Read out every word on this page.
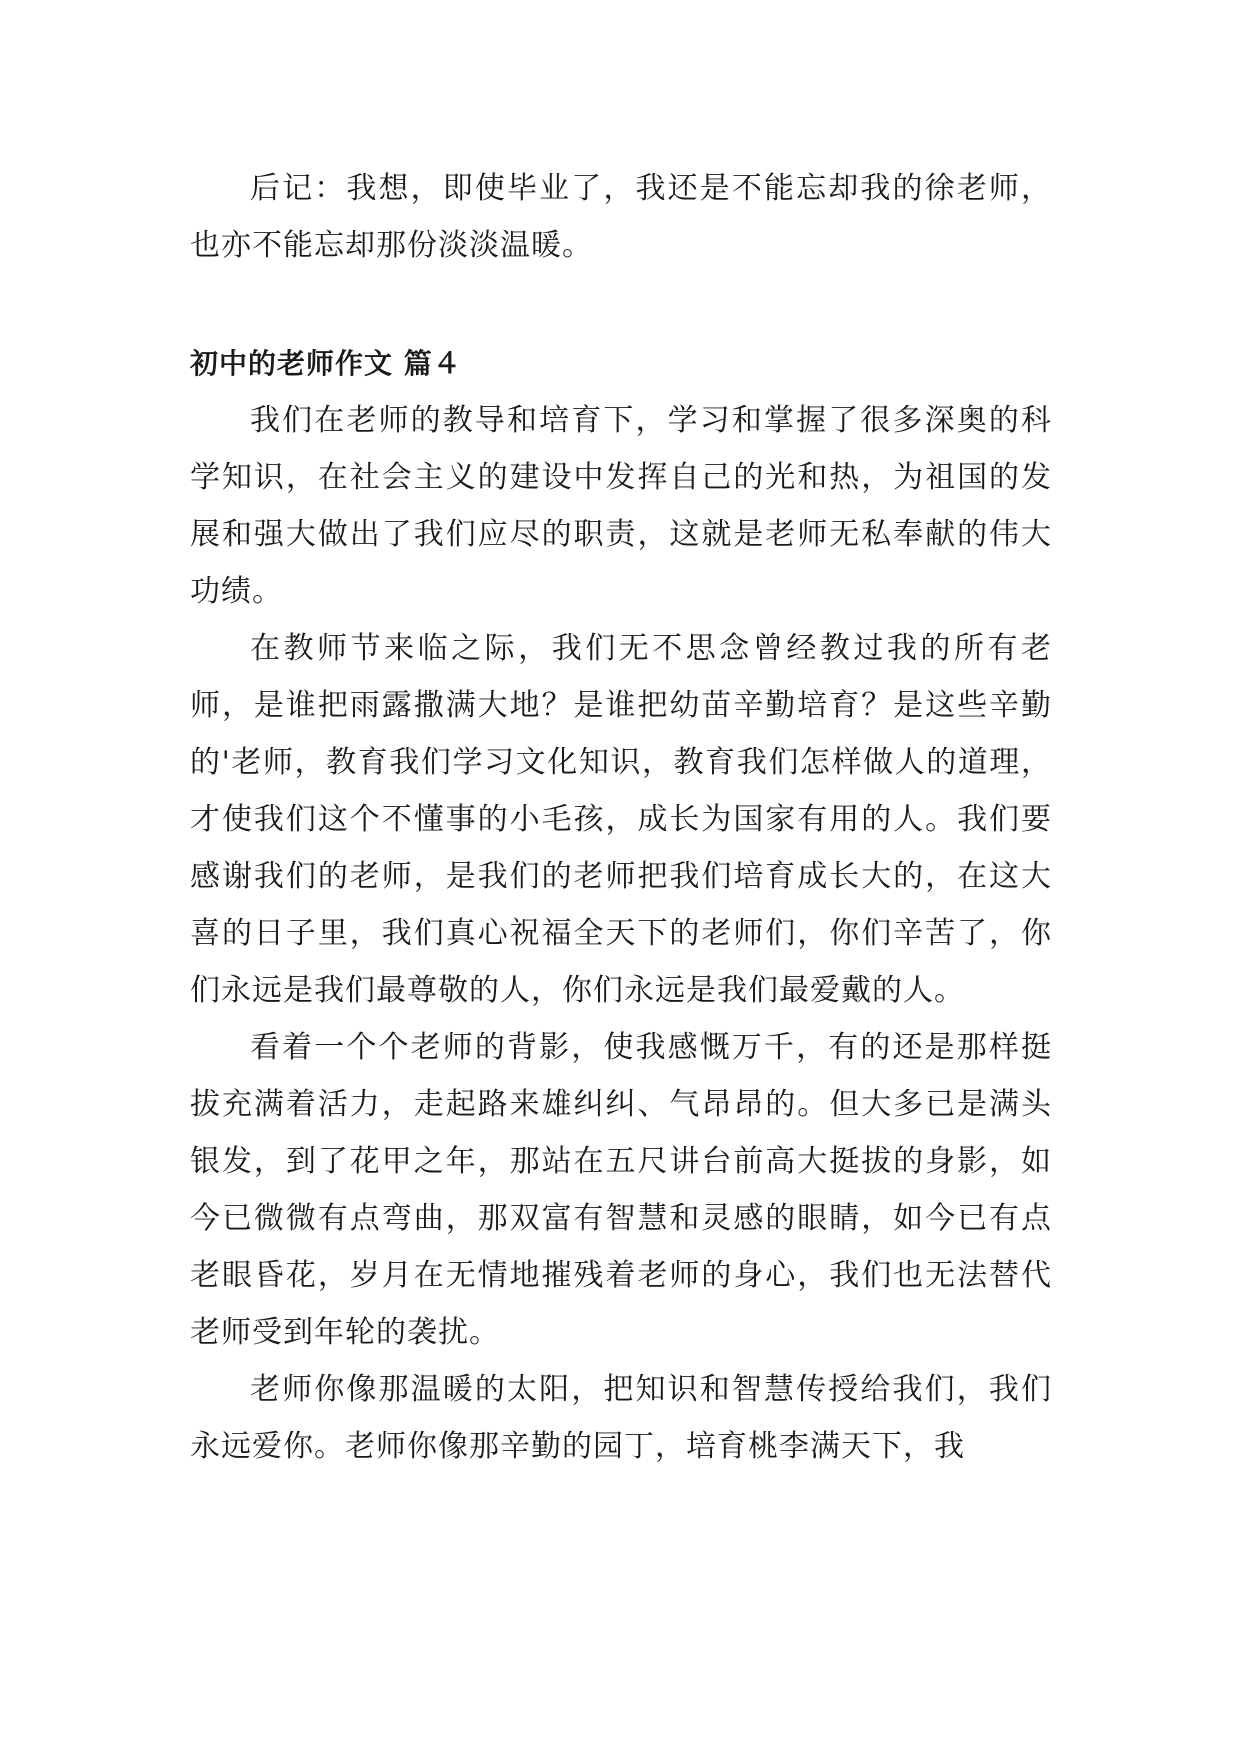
后记：我想，即使毕业了，我还是不能忘却我的徐老师，也亦不能忘却那份淡淡温暖。

初中的老师作文 篇４

我们在老师的教导和培育下，学习和掌握了很多深奥的科学知识，在社会主义的建设中发挥自己的光和热，为祖国的发展和强大做出了我们应尽的职责，这就是老师无私奉献的伟大功绩。

在教师节来临之际，我们无不思念曾经教过我的所有老师，是谁把雨露撒满大地？是谁把幼苗辛勤培育？是这些辛勤的'老师，教育我们学习文化知识，教育我们怎样做人的道理，才使我们这个不懂事的小毛孩，成长为国家有用的人。我们要感谢我们的老师，是我们的老师把我们培育成长大的，在这大喜的日子里，我们真心祝福全天下的老师们，你们辛苦了，你们永远是我们最尊敬的人，你们永远是我们最爱戴的人。

看着一个个老师的背影，使我感慨万千，有的还是那样挺拔充满着活力，走起路来雄纠纠、气昂昂的。但大多已是满头银发，到了花甲之年，那站在五尺讲台前高大挺拔的身影，如今已微微有点弯曲，那双富有智慧和灵感的眼睛，如今已有点老眼昏花，岁月在无情地摧残着老师的身心，我们也无法替代老师受到年轮的袭扰。

老师你像那温暖的太阳，把知识和智慧传授给我们，我们永远爱你。老师你像那辛勤的园丁，培育桃李满天下，我
